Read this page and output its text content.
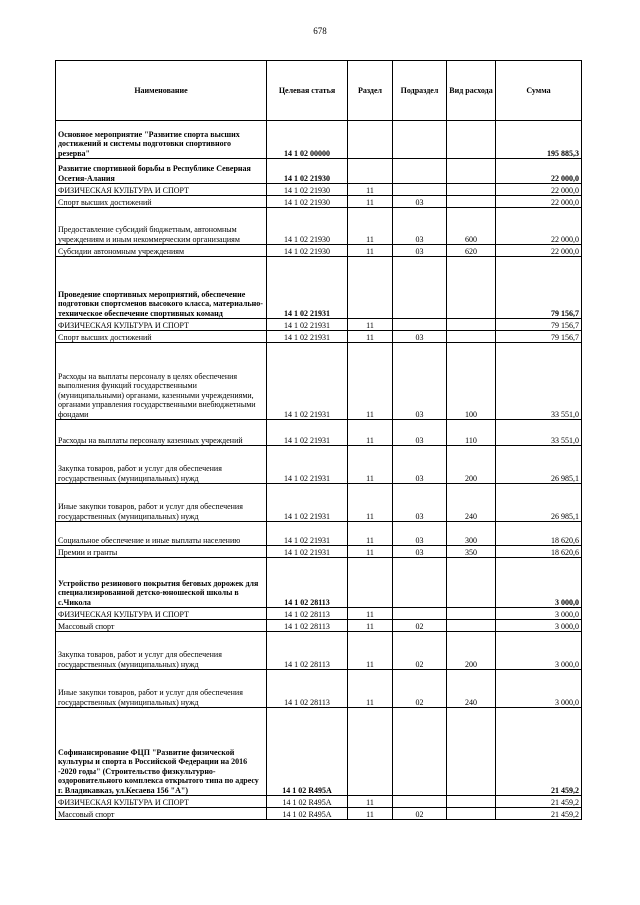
678
Наименование	Целевая статья	Раздел	Подраздел	Вид расхода	Сумма
Основное мероприятие "Развитие спорта высших достижений и системы подготовки спортивного резерва"	14 1 02 00000				195 885,3
Развитие спортивной борьбы в Республике Северная Осетия-Алания	14 1 02 21930				22 000,0
ФИЗИЧЕСКАЯ КУЛЬТУРА И СПОРТ	14 1 02 21930	11			22 000,0
Спорт высших достижений	14 1 02 21930	11	03		22 000,0
Предоставление субсидий бюджетным, автономным учреждениям и иным некоммерческим организациям	14 1 02 21930	11	03	600	22 000,0
Субсидии автономным учреждениям	14 1 02 21930	11	03	620	22 000,0
Проведение спортивных мероприятий, обеспечение подготовки спортсменов высокого класса, материально-техническое обеспечение спортивных команд	14 1 02 21931				79 156,7
ФИЗИЧЕСКАЯ КУЛЬТУРА И СПОРТ	14 1 02 21931	11			79 156,7
Спорт высших достижений	14 1 02 21931	11	03		79 156,7
Расходы на выплаты персоналу в целях обеспечения выполнения функций государственными (муниципальными) органами, казенными учреждениями, органами управления государственными внебюджетными фондами	14 1 02 21931	11	03	100	33 551,0
Расходы на выплаты персоналу казенных учреждений	14 1 02 21931	11	03	110	33 551,0
Закупка товаров, работ и услуг для обеспечения государственных (муниципальных) нужд	14 1 02 21931	11	03	200	26 985,1
Иные закупки товаров, работ и услуг для обеспечения государственных (муниципальных) нужд	14 1 02 21931	11	03	240	26 985,1
Социальное обеспечение и иные выплаты населению	14 1 02 21931	11	03	300	18 620,6
Премии и гранты	14 1 02 21931	11	03	350	18 620,6
Устройство резинового покрытия беговых дорожек для специализированной детско-юношеской школы в с.Чикола	14 1 02 28113				3 000,0
ФИЗИЧЕСКАЯ КУЛЬТУРА И СПОРТ	14 1 02 28113	11			3 000,0
Массовый спорт	14 1 02 28113	11	02		3 000,0
Закупка товаров, работ и услуг для обеспечения государственных (муниципальных) нужд	14 1 02 28113	11	02	200	3 000,0
Иные закупки товаров, работ и услуг для обеспечения государственных (муниципальных) нужд	14 1 02 28113	11	02	240	3 000,0
Софинансирование ФЦП "Развитие физической культуры и спорта в Российской Федерации на 2016 -2020 годы" (Строительство физкультурно-оздоровительного комплекса открытого типа по адресу г. Владикавказ, ул.Кесаева 156 "А")	14 1 02 R495A				21 459,2
ФИЗИЧЕСКАЯ КУЛЬТУРА И СПОРТ	14 1 02 R495A	11			21 459,2
Массовый спорт	14 1 02 R495A	11	02		21 459,2
